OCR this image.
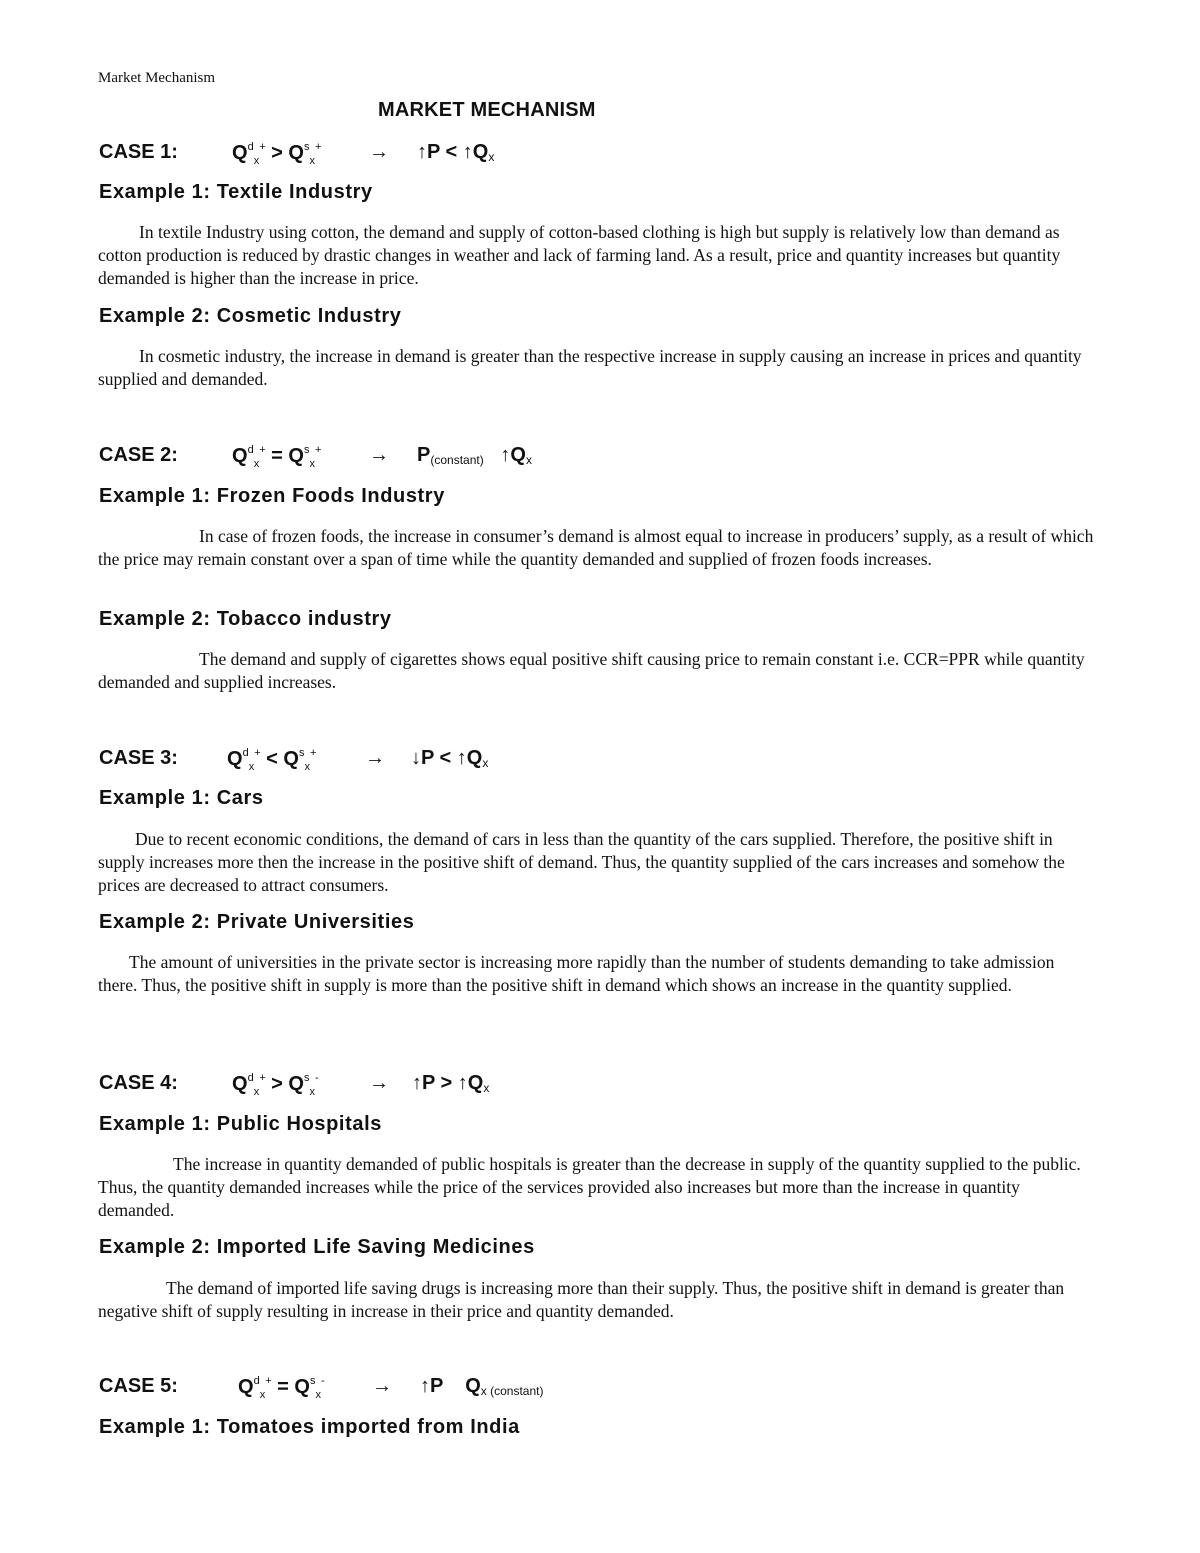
Market Mechanism
MARKET MECHANISM
CASE 1:	$Q^d_x^+ > Q^s_x^+$ → ↑P < $↑Q_x$
Example 1: Textile Industry

In textile Industry using cotton, the demand and supply of cotton-based clothing is high but supply is relatively low than demand as cotton production is reduced by drastic changes in weather and lack of farming land. As a result, price and quantity increases but quantity demanded is higher than the increase in price.

Example 2: Cosmetic Industry

In cosmetic industry, the increase in demand is greater than the respective increase in supply causing an increase in prices and quantity supplied and demanded.

CASE 2:	$Q^d_x^+ = Q^s_x^+ \to P_{(constant)}$   $↑Q_x$
Example 1: Frozen Foods Industry

In case of frozen foods, the increase in consumer’s demand is almost equal to increase in producers’ supply, as a result of which the price may remain constant over a span of time while the quantity demanded and supplied of frozen foods increases.

Example 2: Tobacco industry

The demand and supply of cigarettes shows equal positive shift causing price to remain constant i.e. CCR=PPR while quantity demanded and supplied increases.

CASE 3: $Q^d_x^+ < Q^s_x^+$ → ↓P < $↑Q_x$
Example 1: Cars

Due to recent economic conditions, the demand of cars in less than the quantity of the cars supplied. Therefore, the positive shift in supply increases more then the increase in the positive shift of demand. Thus, the quantity supplied of the cars increases and somehow the prices are decreased to attract consumers.

Example 2: Private Universities

The amount of universities in the private sector is increasing more rapidly than the number of students demanding to take admission there. Thus, the positive shift in supply is more than the positive shift in demand which shows an increase in the quantity supplied.

CASE 4:	$Q^d_x^+ > Q^s_x^-$	→ ↑P > $↑Q_x$
Example 1: Public Hospitals

The increase in quantity demanded of public hospitals is greater than the decrease in supply of the quantity supplied to the public. Thus, the quantity demanded increases while the price of the services provided also increases but more than the increase in quantity demanded.

Example 2: Imported Life Saving Medicines

The demand of imported life saving drugs is increasing more than their supply. Thus, the positive shift in demand is greater than negative shift of supply resulting in increase in their price and quantity demanded.

CASE 5:	$Q^d_x^+ = Q^s_x^-$ → ↑P    $Q_{x (constant)}$
Example 1: Tomatoes imported from India
